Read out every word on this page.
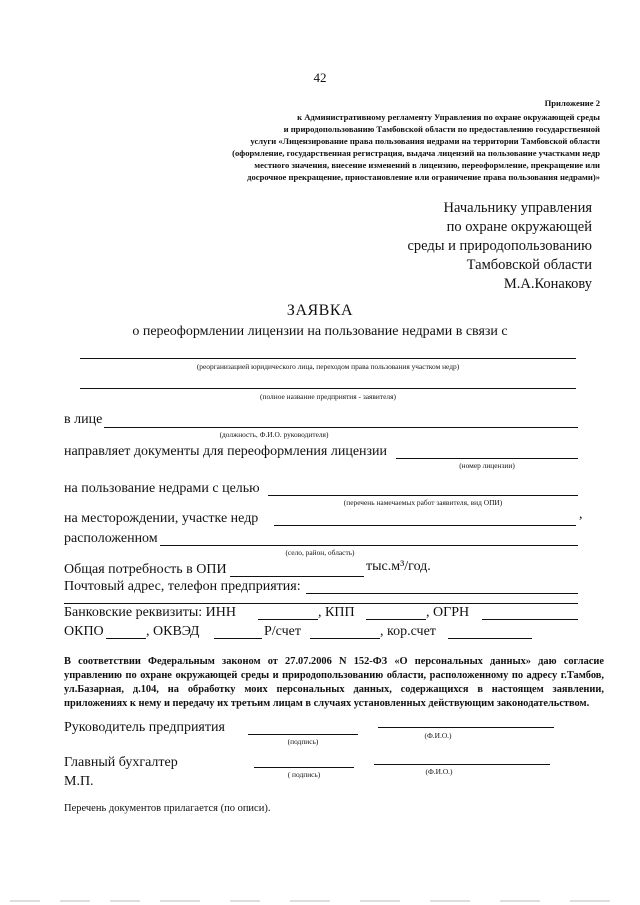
42
Приложение 2
к Административному регламенту Управления по охране окружающей среды
и природопользованию Тамбовской области по предоставлению государственной
услуги «Лицензирование права пользования недрами на территории Тамбовской области
(оформление, государственная регистрация, выдача лицензий на пользование участками недр
местного значения, внесение изменений в лицензию, переоформление, прекращение или
досрочное прекращение, приостановление или ограничение права пользования недрами)»
Начальнику управления
по охране окружающей
среды и природопользованию
Тамбовской области
М.А.Конакову
ЗАЯВКА
о переоформлении лицензии на пользование недрами в связи с
(реорганизацией юридического лица, переходом права пользования участком недр)
(полное название предприятия - заявителя)
в лице
(должность, Ф.И.О. руководителя)
направляет документы для переоформления лицензии
(номер лицензии)
на пользование недрами с целью
(перечень намечаемых работ заявителя, вид ОПИ)
на месторождении, участке недр	,
расположенном
(село, район, область)
Общая потребность в ОПИ	тыс.м³/год.
Почтовый адрес, телефон предприятия:
Банковские реквизиты: ИНН	, КПП	, ОГРН
ОКПО	, ОКВЭД	Р/счет	, кор.счет
В соответствии Федеральным законом от 27.07.2006 N 152-ФЗ «О персональных данных» даю согласие управлению по охране окружающей среды и природопользованию области, расположенному по адресу г.Тамбов, ул.Базарная, д.104, на обработку моих персональных данных, содержащихся в настоящем заявлении, приложениях к нему и передачу их третьим лицам в случаях установленных действующим законодательством.
Руководитель предприятия
(подпись)
(Ф.И.О.)
Главный бухгалтер
( подпись)	(Ф.И.О.)
М.П.
Перечень документов прилагается (по описи).
